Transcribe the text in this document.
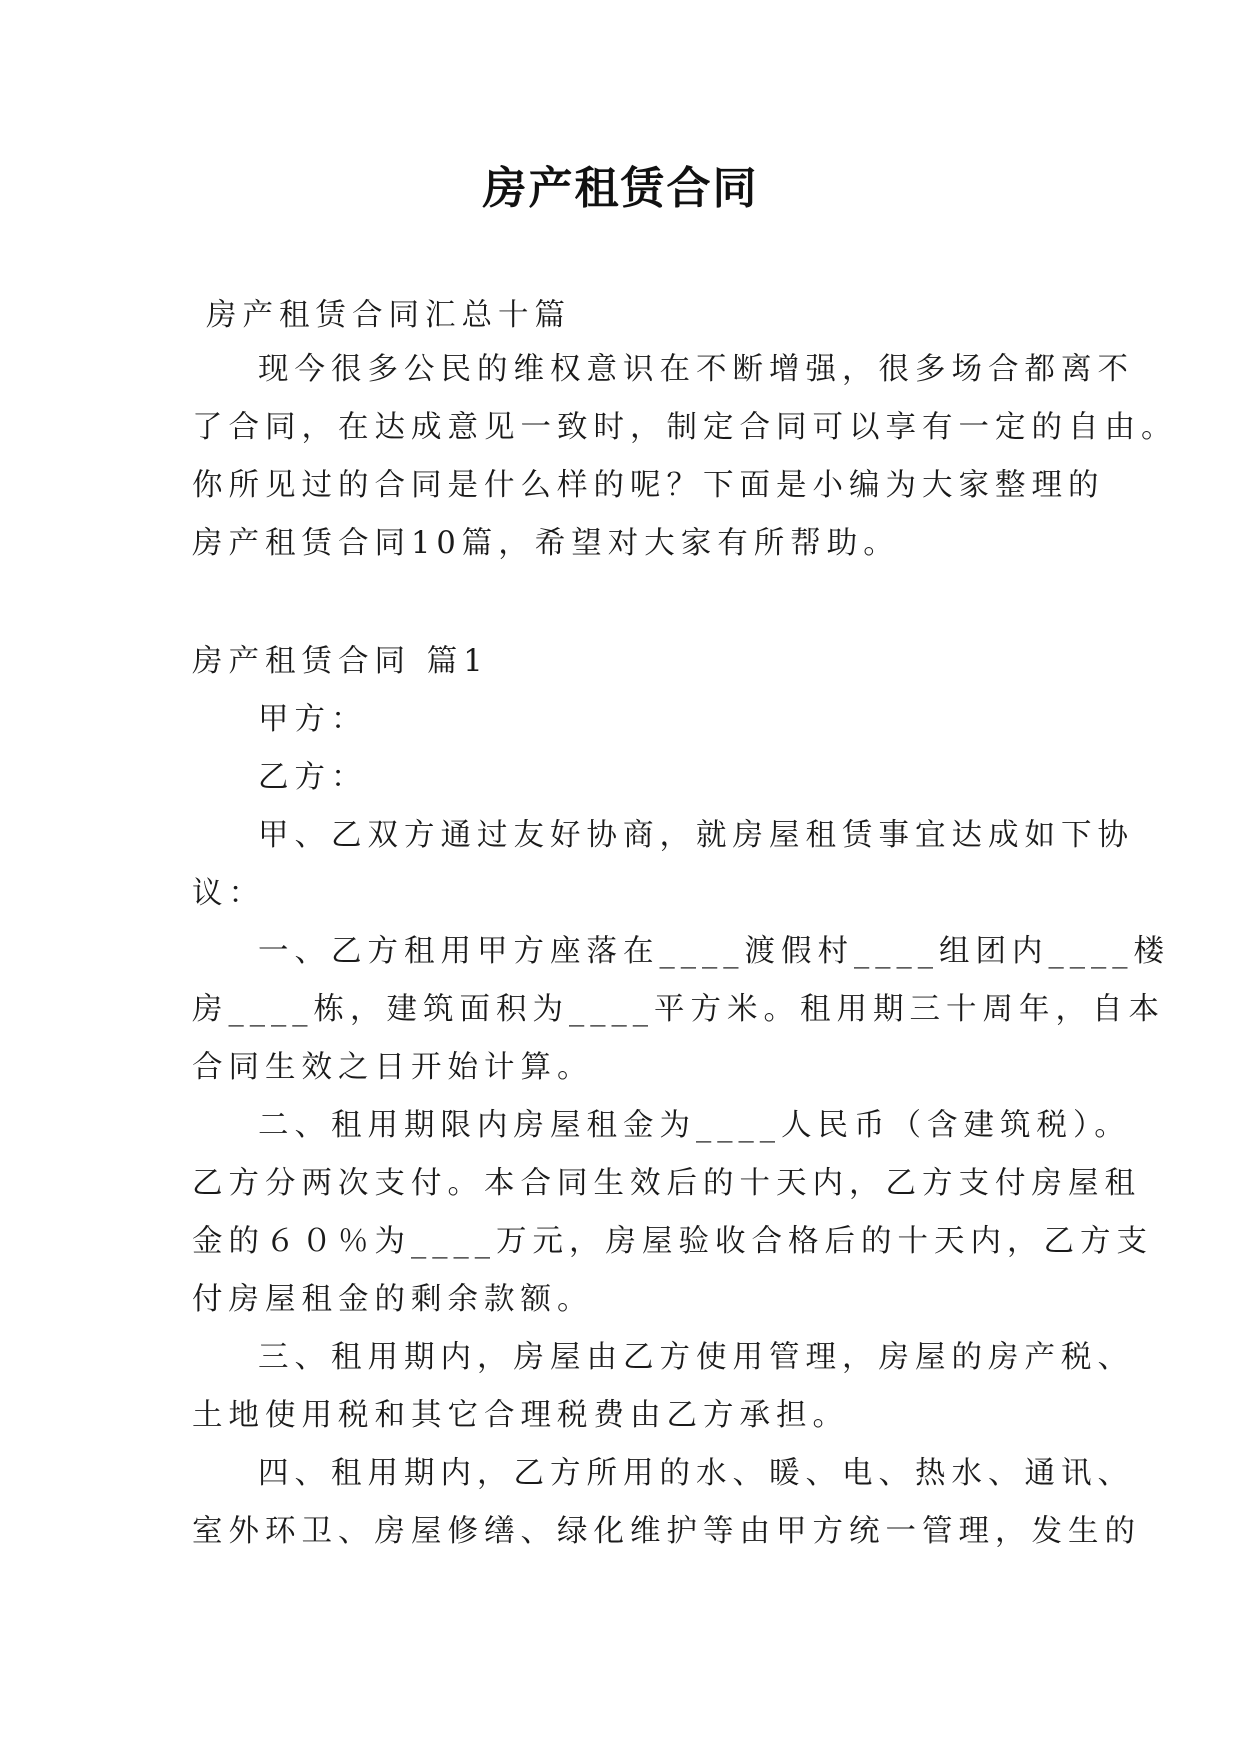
房产租赁合同
房产租赁合同汇总十篇
现今很多公民的维权意识在不断增强，很多场合都离不
了合同，在达成意见一致时，制定合同可以享有一定的自由。
你所见过的合同是什么样的呢？下面是小编为大家整理的
房产租赁合同10篇，希望对大家有所帮助。
房产租赁合同 篇1
甲方：
乙方：
甲、乙双方通过友好协商，就房屋租赁事宜达成如下协
议：
一、乙方租用甲方座落在____渡假村____组团内____楼
房____栋，建筑面积为____平方米。租用期三十周年，自本
合同生效之日开始计算。
二、租用期限内房屋租金为____人民币（含建筑税）。
乙方分两次支付。本合同生效后的十天内，乙方支付房屋租
金的６０％为____万元，房屋验收合格后的十天内，乙方支
付房屋租金的剩余款额。
三、租用期内，房屋由乙方使用管理，房屋的房产税、
土地使用税和其它合理税费由乙方承担。
四、租用期内，乙方所用的水、暖、电、热水、通讯、
室外环卫、房屋修缮、绿化维护等由甲方统一管理，发生的
